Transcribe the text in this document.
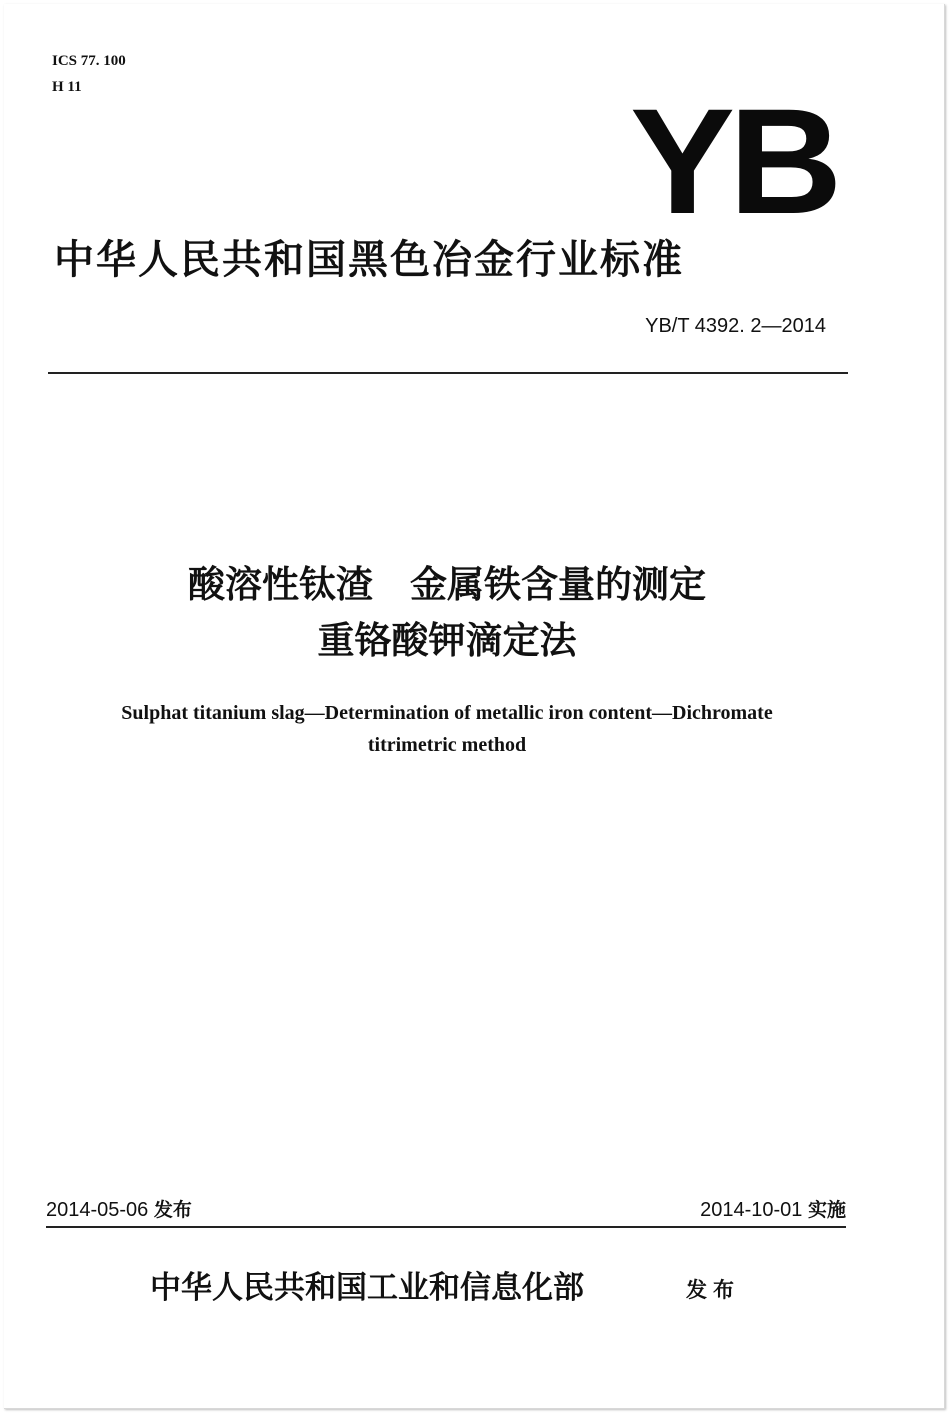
ICS 77. 100
H 11	YB
中华人民共和国黑色冶金行业标准
YB/T 4392. 2—2014
酸溶性钛渣　金属铁含量的测定
重铬酸钾滴定法
Sulphat titanium slag—Determination of metallic iron content—Dichromate
titrimetric method
2014-05-06 发布	2014-10-01 实施
中华人民共和国工业和信息化部	发布
